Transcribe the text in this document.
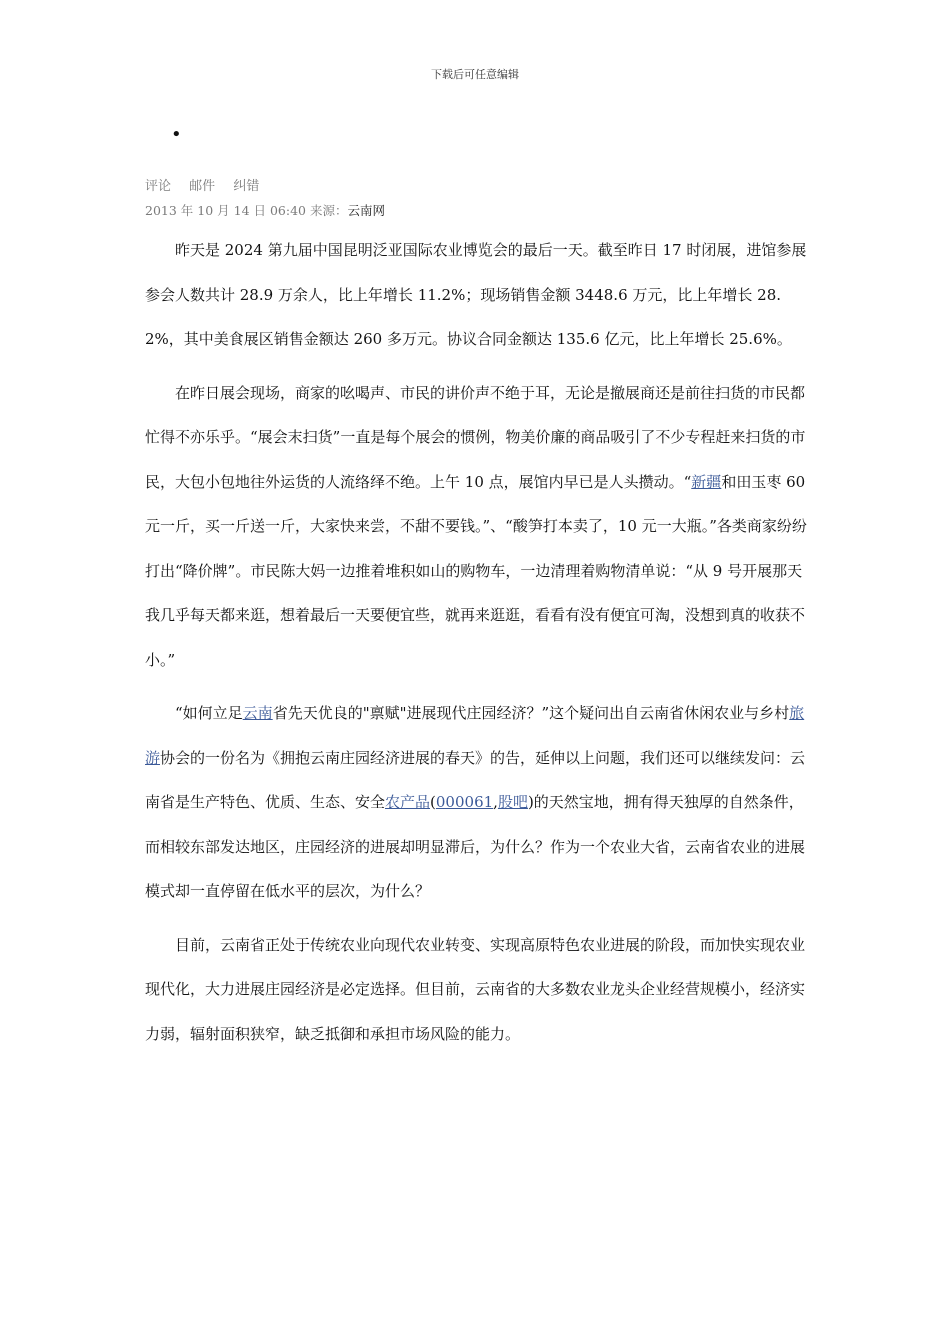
下载后可任意编辑
•
评论 邮件 纠错
2013 年 10 月 14 日 06:40 来源：云南网

昨天是 2024 第九届中国昆明泛亚国际农业博览会的最后一天。截至昨日 17 时闭展，进馆参展参会人数共计 28.9 万余人，比上年增长 11.2%；现场销售金额 3448.6 万元，比上年增长 28.2%，其中美食展区销售金额达 260 多万元。协议合同金额达 135.6 亿元，比上年增长 25.6%。

在昨日展会现场，商家的吆喝声、市民的讲价声不绝于耳，无论是撤展商还是前往扫货的市民都忙得不亦乐乎。“展会末扫货”一直是每个展会的惯例，物美价廉的商品吸引了不少专程赶来扫货的市民，大包小包地往外运货的人流络绎不绝。上午 10 点，展馆内早已是人头攒动。“新疆和田玉枣 60 元一斤，买一斤送一斤，大家快来尝，不甜不要钱。”、“酸笋打本卖了，10 元一大瓶。”各类商家纷纷打出“降价牌”。市民陈大妈一边推着堆积如山的购物车，一边清理着购物清单说：“从 9 号开展那天我几乎每天都来逛，想着最后一天要便宜些，就再来逛逛，看看有没有便宜可淘，没想到真的收获不小。”

“如何立足云南省先天优良的"禀赋"进展现代庄园经济？”这个疑问出自云南省休闲农业与乡村旅游协会的一份名为《拥抱云南庄园经济进展的春天》的告，延伸以上问题，我们还可以继续发问：云南省是生产特色、优质、生态、安全农产品(000061,股吧)的天然宝地，拥有得天独厚的自然条件，而相较东部发达地区，庄园经济的进展却明显滞后，为什么？作为一个农业大省，云南省农业的进展模式却一直停留在低水平的层次，为什么？

目前，云南省正处于传统农业向现代农业转变、实现高原特色农业进展的阶段，而加快实现农业现代化，大力进展庄园经济是必定选择。但目前，云南省的大多数农业龙头企业经营规模小，经济实力弱，辐射面积狭窄，缺乏抵御和承担市场风险的能力。
